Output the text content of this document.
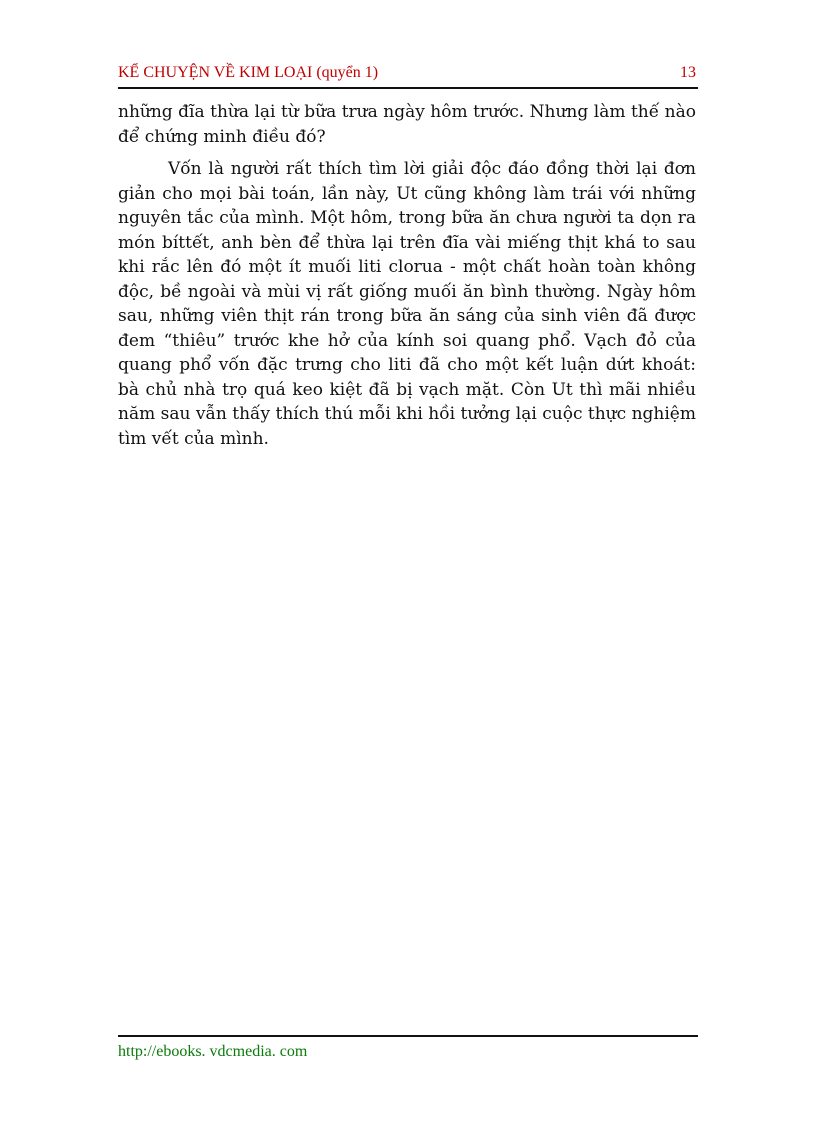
KỂ CHUYỆN VỀ KIM LOẠI (quyển 1)	13

những đĩa thừa lại từ bữa trưa ngày hôm trước. Nhưng làm thế nào để chứng minh điều đó?

Vốn là người rất thích tìm lời giải độc đáo đồng thời lại đơn giản cho mọi bài toán, lần này, Ut cũng không làm trái với những nguyên tắc của mình. Một hôm, trong bữa ăn chưa người ta dọn ra món bíttết, anh bèn để thừa lại trên đĩa vài miếng thịt khá to sau khi rắc lên đó một ít muối liti clorua - một chất hoàn toàn không độc, bề ngoài và mùi vị rất giống muối ăn bình thường. Ngày hôm sau, những viên thịt rán trong bữa ăn sáng của sinh viên đã được đem “thiêu” trước khe hở của kính soi quang phổ. Vạch đỏ của quang phổ vốn đặc trưng cho liti đã cho một kết luận dứt khoát: bà chủ nhà trọ quá keo kiệt đã bị vạch mặt. Còn Ut thì mãi nhiều năm sau vẫn thấy thích thú mỗi khi hồi tưởng lại cuộc thực nghiệm tìm vết của mình.

http://ebooks. vdcmedia. com
